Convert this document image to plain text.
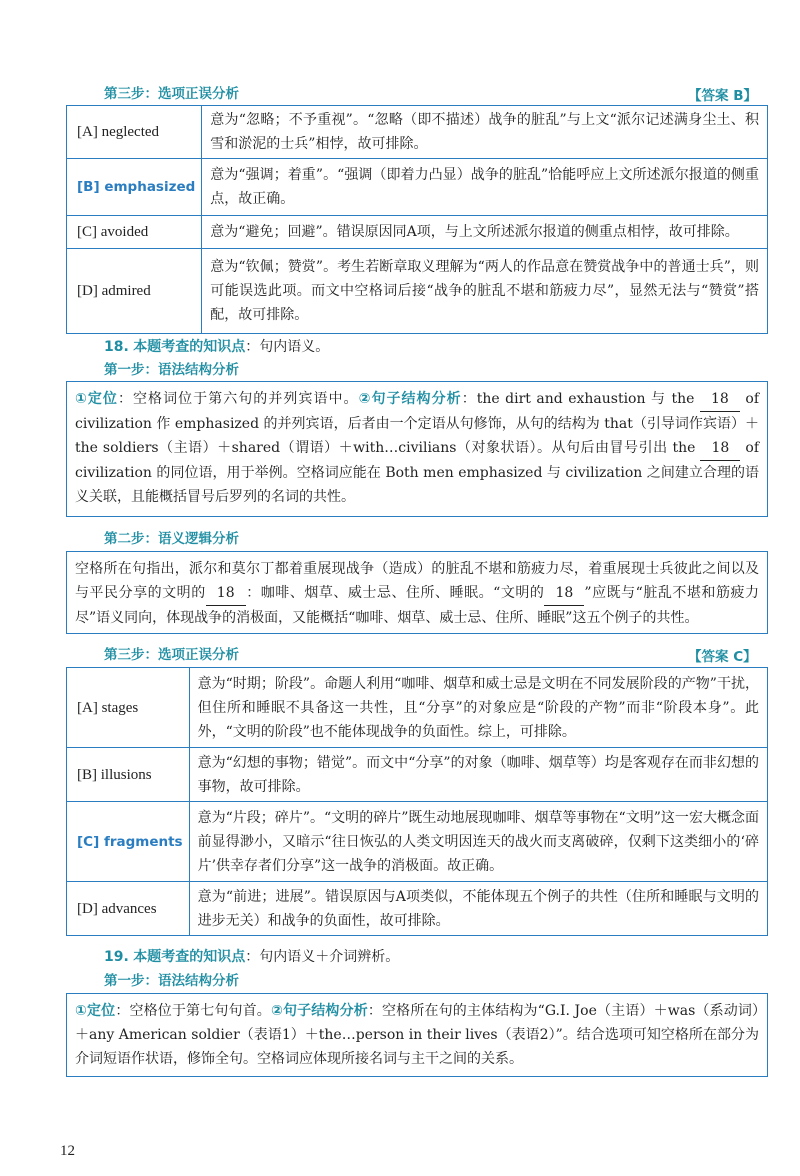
第三步：选项正误分析	【答案 B】
[A] neglected	意为“忽略；不予重视”。“忽略（即不描述）战争的脏乱”与上文“派尔记述满身尘土、积雪和淤泥的士兵”相悖，故可排除。
[B] emphasized	意为“强调；着重”。“强调（即着力凸显）战争的脏乱”恰能呼应上文所述派尔报道的侧重点，故正确。
[C] avoided	意为“避免；回避”。错误原因同A项，与上文所述派尔报道的侧重点相悖，故可排除。
[D] admired	意为“钦佩；赞赏”。考生若断章取义理解为“两人的作品意在赞赏战争中的普通士兵”，则可能误选此项。而文中空格词后接“战争的脏乱不堪和筋疲力尽”，显然无法与“赞赏”搭配，故可排除。
18. 本题考查的知识点：句内语义。
第一步：语法结构分析
①定位：空格词位于第六句的并列宾语中。②句子结构分析：the dirt and exhaustion 与 the 18 of civilization 作 emphasized 的并列宾语，后者由一个定语从句修饰，从句的结构为 that（引导词作宾语）＋the soldiers（主语）＋shared（谓语）＋with…civilians（对象状语）。从句后由冒号引出 the 18 of civilization 的同位语，用于举例。空格词应能在 Both men emphasized 与 civilization 之间建立合理的语义关联，且能概括冒号后罗列的名词的共性。
第二步：语义逻辑分析
空格所在句指出，派尔和莫尔丁都着重展现战争（造成）的脏乱不堪和筋疲力尽，着重展现士兵彼此之间以及与平民分享的文明的 18 ：咖啡、烟草、威士忌、住所、睡眠。“文明的 18 ”应既与“脏乱不堪和筋疲力尽”语义同向，体现战争的消极面，又能概括“咖啡、烟草、威士忌、住所、睡眠”这五个例子的共性。
第三步：选项正误分析	【答案 C】
[A] stages	意为“时期；阶段”。命题人利用“咖啡、烟草和威士忌是文明在不同发展阶段的产物”干扰，但住所和睡眠不具备这一共性，且“分享”的对象应是“阶段的产物”而非“阶段本身”。此外，“文明的阶段”也不能体现战争的负面性。综上，可排除。
[B] illusions	意为“幻想的事物；错觉”。而文中“分享”的对象（咖啡、烟草等）均是客观存在而非幻想的事物，故可排除。
[C] fragments	意为“片段；碎片”。“文明的碎片”既生动地展现咖啡、烟草等事物在“文明”这一宏大概念面前显得渺小，又暗示“往日恢弘的人类文明因连天的战火而支离破碎，仅剩下这类细小的‘碎片’供幸存者们分享”这一战争的消极面。故正确。
[D] advances	意为“前进；进展”。错误原因与A项类似，不能体现五个例子的共性（住所和睡眠与文明的进步无关）和战争的负面性，故可排除。
19. 本题考查的知识点：句内语义＋介词辨析。
第一步：语法结构分析
①定位：空格位于第七句句首。②句子结构分析：空格所在句的主体结构为“G.I. Joe（主语）＋was（系动词）＋any American soldier（表语1）＋the…person in their lives（表语2）”。结合选项可知空格所在部分为介词短语作状语，修饰全句。空格词应体现所接名词与主干之间的关系。
12
